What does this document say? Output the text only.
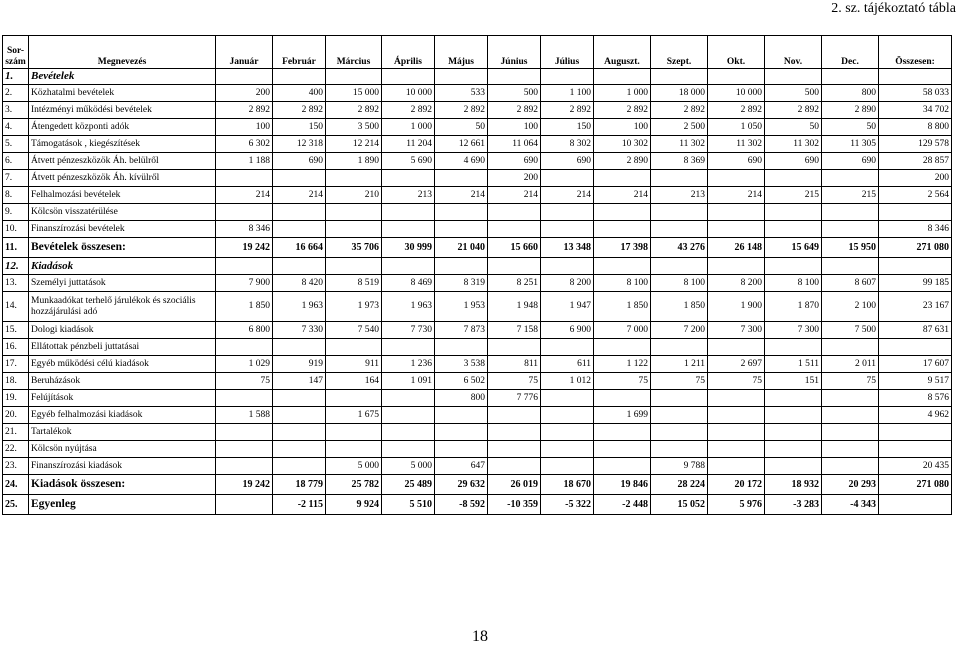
2. sz. tájékoztató tábla
Sor-szám	Megnevezés	Január	Február	Március	Április	Május	Június	Július	Auguszt.	Szept.	Okt.	Nov.	Dec.	Összesen:
1.	Bevételek													
2.	Közhatalmi bevételek	200	400	15 000	10 000	533	500	1 100	1 000	18 000	10 000	500	800	58 033
3.	Intézményi működési bevételek	2 892	2 892	2 892	2 892	2 892	2 892	2 892	2 892	2 892	2 892	2 892	2 890	34 702
4.	Átengedett központi adók	100	150	3 500	1 000	50	100	150	100	2 500	1 050	50	50	8 800
5.	Támogatások , kiegészítések	6 302	12 318	12 214	11 204	12 661	11 064	8 302	10 302	11 302	11 302	11 302	11 305	129 578
6.	Átvett pénzeszközök Áh. belülről	1 188	690	1 890	5 690	4 690	690	690	2 890	8 369	690	690	690	28 857
7.	Átvett pénzeszközök Áh. kívülről						200							200
8.	Felhalmozási bevételek	214	214	210	213	214	214	214	214	213	214	215	215	2 564
9.	Kölcsön visszatérülése													
10.	Finanszírozási bevételek	8 346												8 346
11.	Bevételek összesen:	19 242	16 664	35 706	30 999	21 040	15 660	13 348	17 398	43 276	26 148	15 649	15 950	271 080
12.	Kiadások													
13.	Személyi juttatások	7 900	8 420	8 519	8 469	8 319	8 251	8 200	8 100	8 100	8 200	8 100	8 607	99 185
14.	Munkaadókat terhelő járulékok és szociális hozzájárulási adó	1 850	1 963	1 973	1 963	1 953	1 948	1 947	1 850	1 850	1 900	1 870	2 100	23 167
15.	Dologi kiadások	6 800	7 330	7 540	7 730	7 873	7 158	6 900	7 000	7 200	7 300	7 300	7 500	87 631
16.	Ellátottak pénzbeli juttatásai													
17.	Egyéb működési célú kiadások	1 029	919	911	1 236	3 538	811	611	1 122	1 211	2 697	1 511	2 011	17 607
18.	Beruházások	75	147	164	1 091	6 502	75	1 012	75	75	75	151	75	9 517
19.	Felújítások					800	7 776							8 576
20.	Egyéb felhalmozási kiadások	1 588		1 675					1 699					4 962
21.	Tartalékok													
22.	Kölcsön nyújtása													
23.	Finanszírozási kiadások			5 000	5 000	647				9 788				20 435
24.	Kiadások összesen:	19 242	18 779	25 782	25 489	29 632	26 019	18 670	19 846	28 224	20 172	18 932	20 293	271 080
25.	Egyenleg		-2 115	9 924	5 510	-8 592	-10 359	-5 322	-2 448	15 052	5 976	-3 283	-4 343	
18
